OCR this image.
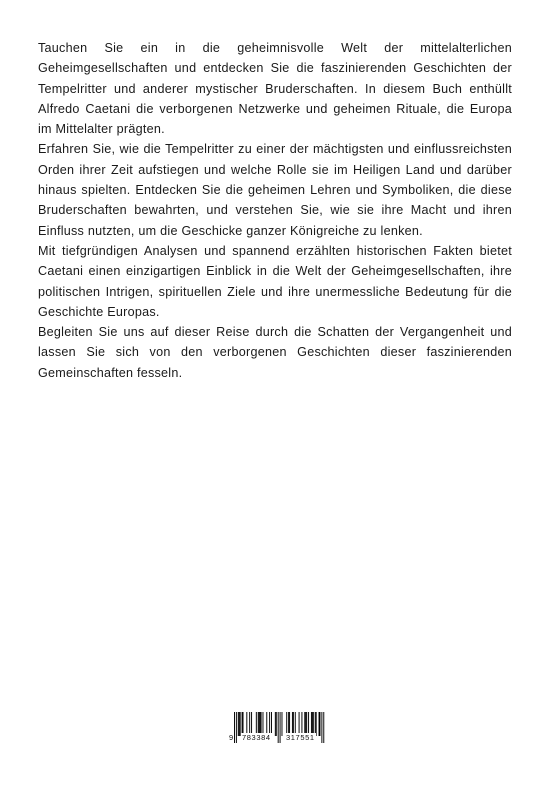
Tauchen Sie ein in die geheimnisvolle Welt der mittelalterlichen Geheimgesellschaften und entdecken Sie die faszinierenden Geschichten der Tempelritter und anderer mystischer Bruderschaften. In diesem Buch enthüllt Alfredo Caetani die verborgenen Netzwerke und geheimen Rituale, die Europa im Mittelalter prägten.

Erfahren Sie, wie die Tempelritter zu einer der mächtigsten und einflussreichsten Orden ihrer Zeit aufstiegen und welche Rolle sie im Heiligen Land und darüber hinaus spielten. Entdecken Sie die geheimen Lehren und Symboliken, die diese Bruderschaften bewahrten, und verstehen Sie, wie sie ihre Macht und ihren Einfluss nutzten, um die Geschicke ganzer Königreiche zu lenken.

Mit tiefgründigen Analysen und spannend erzählten historischen Fakten bietet Caetani einen einzigartigen Einblick in die Welt der Geheimgesellschaften, ihre politischen Intrigen, spirituellen Ziele und ihre unermessliche Bedeutung für die Geschichte Europas.

Begleiten Sie uns auf dieser Reise durch die Schatten der Vergangenheit und lassen Sie sich von den verborgenen Geschichten dieser faszinierenden Gemeinschaften fesseln.

9 783384 317551
